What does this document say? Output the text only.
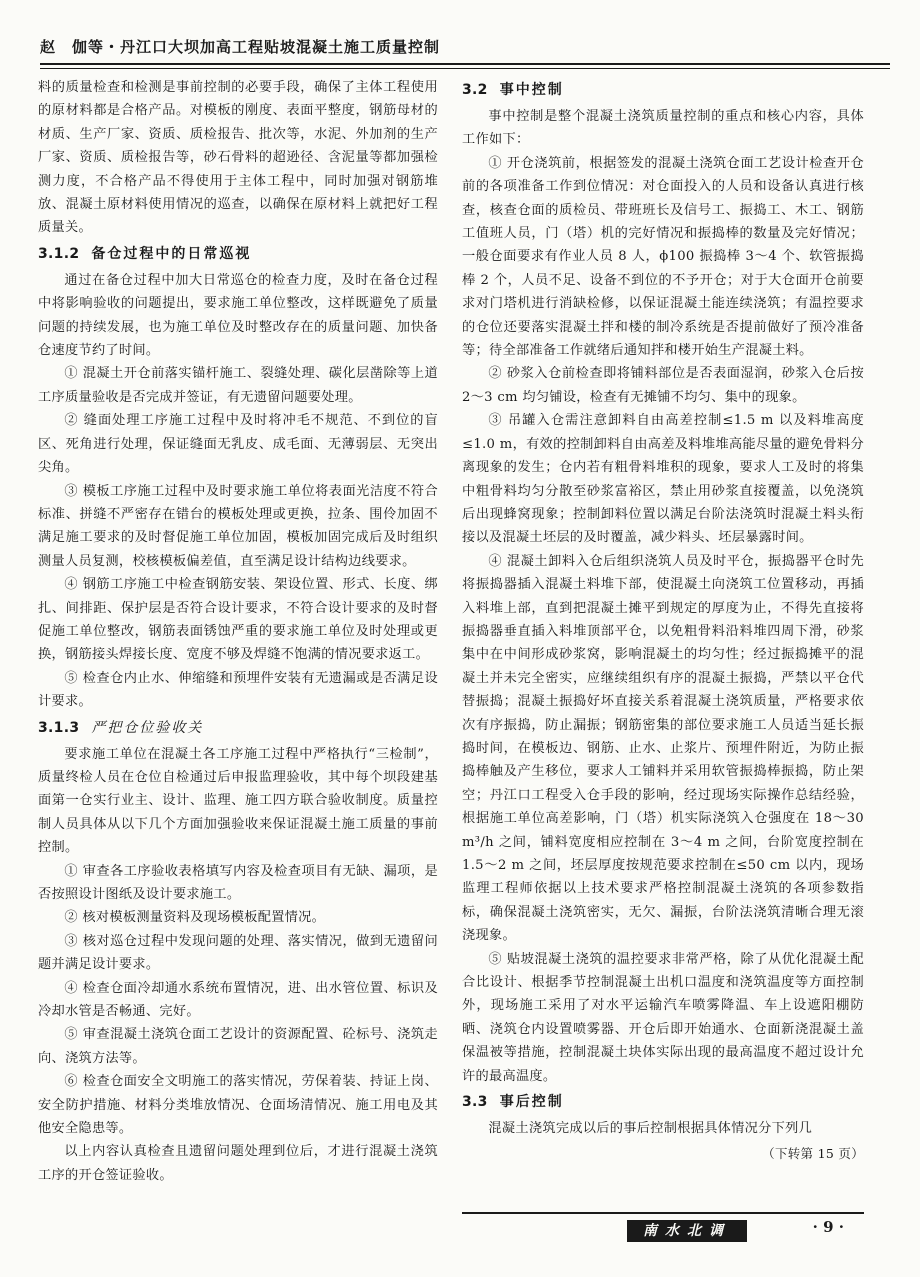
赵　伽等・丹江口大坝加高工程贴坡混凝土施工质量控制

料的质量检查和检测是事前控制的必要手段，确保了主体工程使用的原材料都是合格产品。对模板的刚度、表面平整度，钢筋母材的材质、生产厂家、资质、质检报告、批次等，水泥、外加剂的生产厂家、资质、质检报告等，砂石骨料的超逊径、含泥量等都加强检测力度，不合格产品不得使用于主体工程中，同时加强对钢筋堆放、混凝土原材料使用情况的巡查，以确保在原材料上就把好工程质量关。

3.1.2 备仓过程中的日常巡视

通过在备仓过程中加大日常巡仓的检查力度，及时在备仓过程中将影响验收的问题提出，要求施工单位整改，这样既避免了质量问题的持续发展，也为施工单位及时整改存在的质量问题、加快备仓速度节约了时间。

① 混凝土开仓前落实锚杆施工、裂缝处理、碳化层凿除等上道工序质量验收是否完成并签证，有无遗留问题要处理。

② 缝面处理工序施工过程中及时将冲毛不规范、不到位的盲区、死角进行处理，保证缝面无乳皮、成毛面、无薄弱层、无突出尖角。

③ 模板工序施工过程中及时要求施工单位将表面光洁度不符合标准、拼缝不严密存在错台的模板处理或更换，拉条、围伶加固不满足施工要求的及时督促施工单位加固，模板加固完成后及时组织测量人员复测，校核模板偏差值，直至满足设计结构边线要求。

④ 钢筋工序施工中检查钢筋安装、架设位置、形式、长度、绑扎、间排距、保护层是否符合设计要求，不符合设计要求的及时督促施工单位整改，钢筋表面锈蚀严重的要求施工单位及时处理或更换，钢筋接头焊接长度、宽度不够及焊缝不饱满的情况要求返工。

⑤ 检查仓内止水、伸缩缝和预埋件安装有无遗漏或是否满足设计要求。

3.1.3 严把仓位验收关

要求施工单位在混凝土各工序施工过程中严格执行“三检制”，质量终检人员在仓位自检通过后申报监理验收，其中每个坝段建基面第一仓实行业主、设计、监理、施工四方联合验收制度。质量控制人员具体从以下几个方面加强验收来保证混凝土施工质量的事前控制。

① 审查各工序验收表格填写内容及检查项目有无缺、漏项，是否按照设计图纸及设计要求施工。

② 核对模板测量资料及现场模板配置情况。

③ 核对巡仓过程中发现问题的处理、落实情况，做到无遗留问题并满足设计要求。

④ 检查仓面冷却通水系统布置情况，进、出水管位置、标识及冷却水管是否畅通、完好。

⑤ 审查混凝土浇筑仓面工艺设计的资源配置、砼标号、浇筑走向、浇筑方法等。

⑥ 检查仓面安全文明施工的落实情况，劳保着装、持证上岗、安全防护措施、材料分类堆放情况、仓面场清情况、施工用电及其他安全隐患等。

以上内容认真检查且遗留问题处理到位后，才进行混凝土浇筑工序的开仓签证验收。

3.2 事中控制

事中控制是整个混凝土浇筑质量控制的重点和核心内容，具体工作如下：

① 开仓浇筑前，根据签发的混凝土浇筑仓面工艺设计检查开仓前的各项准备工作到位情况：对仓面投入的人员和设备认真进行核查，核查仓面的质检员、带班班长及信号工、振捣工、木工、钢筋工值班人员，门（塔）机的完好情况和振捣棒的数量及完好情况；一般仓面要求有作业人员 8 人，ϕ100 振捣棒 3～4 个、软管振捣棒 2 个，人员不足、设备不到位的不予开仓；对于大仓面开仓前要求对门塔机进行消缺检修，以保证混凝土能连续浇筑；有温控要求的仓位还要落实混凝土拌和楼的制冷系统是否提前做好了预冷准备等；待全部准备工作就绪后通知拌和楼开始生产混凝土料。

② 砂浆入仓前检查即将铺料部位是否表面湿润，砂浆入仓后按 2～3 cm 均匀铺设，检查有无摊铺不均匀、集中的现象。

③ 吊罐入仓需注意卸料自由高差控制≤1.5 m 以及料堆高度≤1.0 m，有效的控制卸料自由高差及料堆堆高能尽量的避免骨料分离现象的发生；仓内若有粗骨料堆积的现象，要求人工及时的将集中粗骨料均匀分散至砂浆富裕区，禁止用砂浆直接覆盖，以免浇筑后出现蜂窝现象；控制卸料位置以满足台阶法浇筑时混凝土料头衔接以及混凝土坯层的及时覆盖，减少料头、坯层暴露时间。

④ 混凝土卸料入仓后组织浇筑人员及时平仓，振捣器平仓时先将振捣器插入混凝土料堆下部，使混凝土向浇筑工位置移动，再插入料堆上部，直到把混凝土摊平到规定的厚度为止，不得先直接将振捣器垂直插入料堆顶部平仓，以免粗骨料沿料堆四周下滑，砂浆集中在中间形成砂浆窝，影响混凝土的均匀性；经过振捣摊平的混凝土并未完全密实，应继续组织有序的混凝土振捣，严禁以平仓代替振捣；混凝土振捣好坏直接关系着混凝土浇筑质量，严格要求依次有序振捣，防止漏振；钢筋密集的部位要求施工人员适当延长振捣时间，在模板边、钢筋、止水、止浆片、预埋件附近，为防止振捣棒触及产生移位，要求人工铺料并采用软管振捣棒振捣，防止架空；丹江口工程受入仓手段的影响，经过现场实际操作总结经验，根据施工单位高差影响，门（塔）机实际浇筑入仓强度在 18～30 m³/h 之间，铺料宽度相应控制在 3～4 m 之间，台阶宽度控制在 1.5～2 m 之间，坯层厚度按规范要求控制在≤50 cm 以内，现场监理工程师依据以上技术要求严格控制混凝土浇筑的各项参数指标，确保混凝土浇筑密实，无欠、漏振，台阶法浇筑清晰合理无滚浇现象。

⑤ 贴坡混凝土浇筑的温控要求非常严格，除了从优化混凝土配合比设计、根据季节控制混凝土出机口温度和浇筑温度等方面控制外，现场施工采用了对水平运输汽车喷雾降温、车上设遮阳棚防晒、浇筑仓内设置喷雾器、开仓后即开始通水、仓面新浇混凝土盖保温被等措施，控制混凝土块体实际出现的最高温度不超过设计允许的最高温度。

3.3 事后控制

混凝土浇筑完成以后的事后控制根据具体情况分下列几

（下转第 15 页）
南水北调	· 9 ·
